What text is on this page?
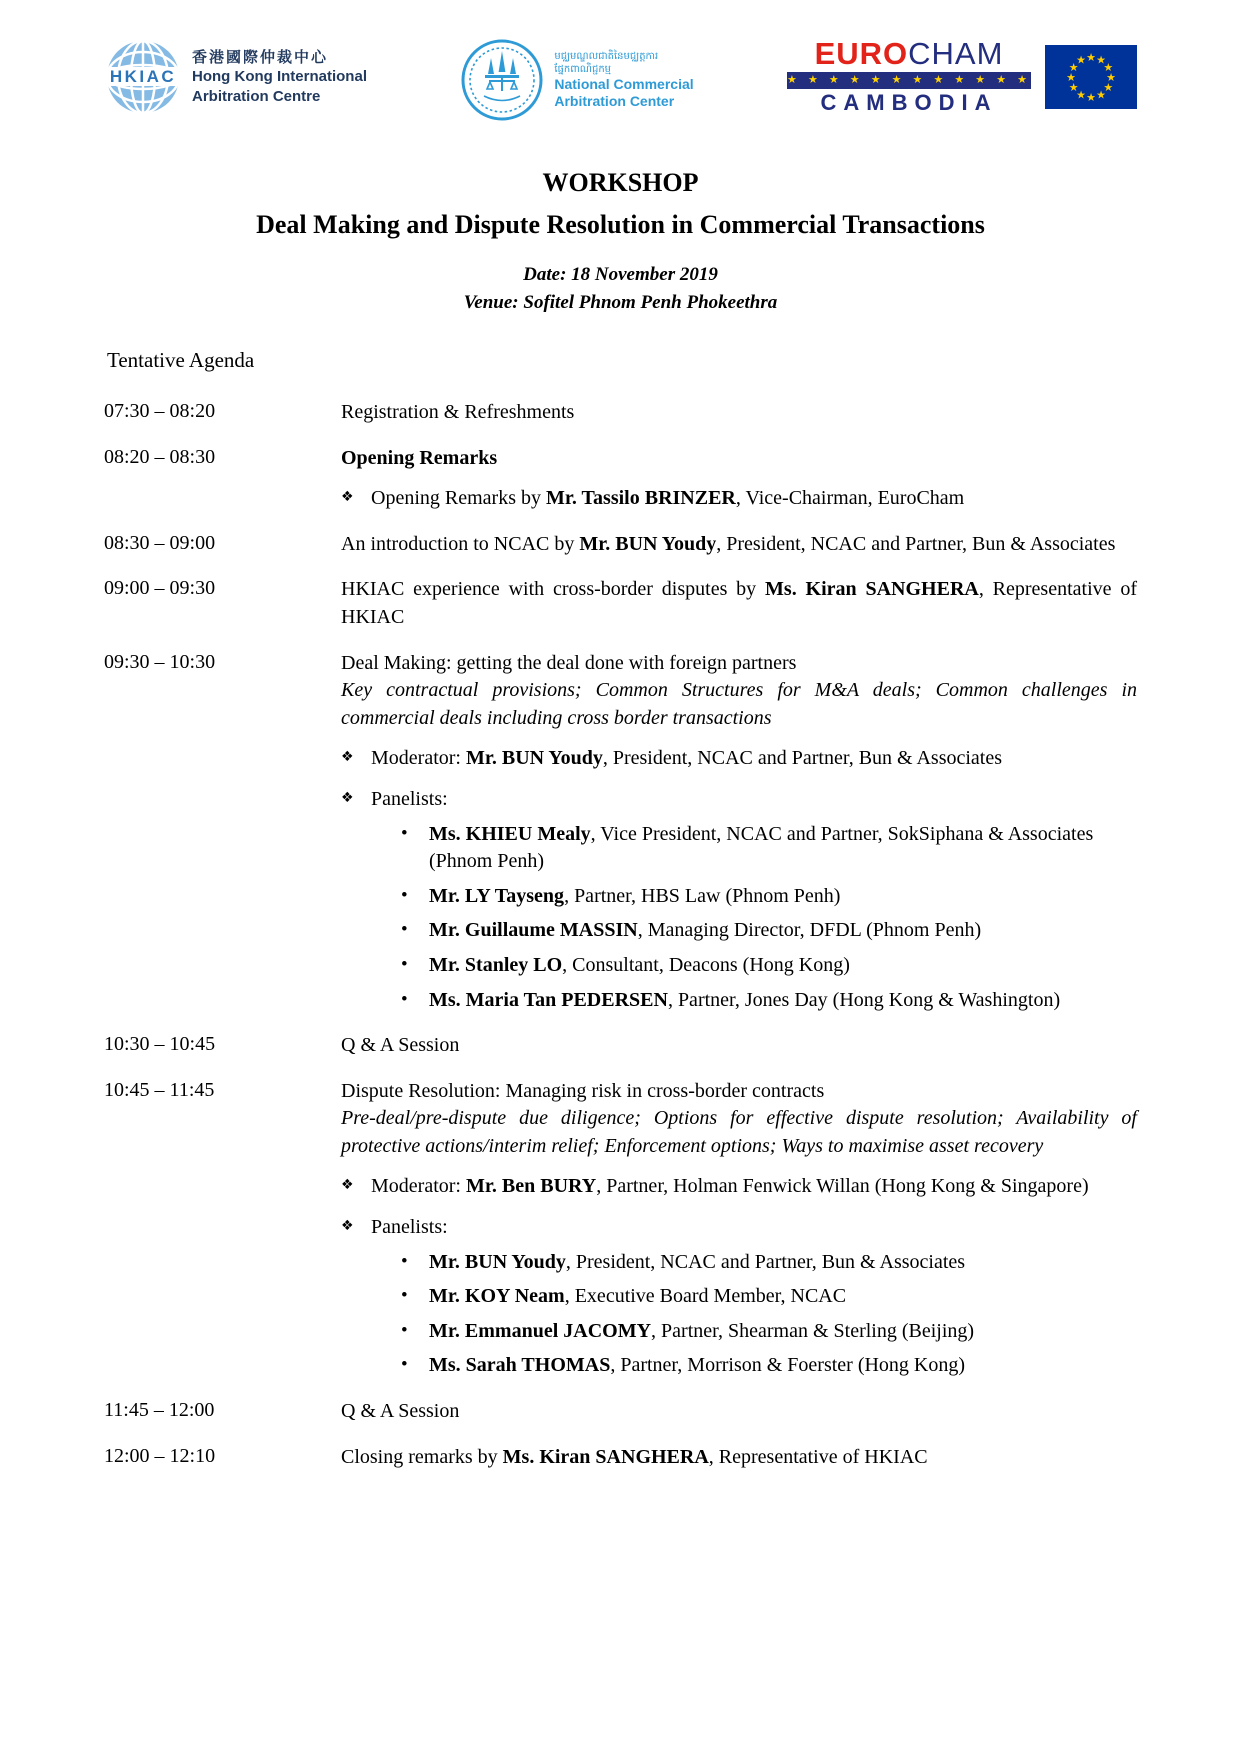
HKIAC
香港國際仲裁中心
Hong Kong International
Arbitration Centre
មជ្ឈមណ្ឌលជាតិនៃមជ្ឈត្តការ
ផ្នែកពាណិជ្ជកម្ម
National Commercial
Arbitration Center
EUROCHAM
★ ★ ★ ★ ★ ★ ★ ★ ★ ★ ★ ★
CAMBODIA
★ ★
★
★
★
★
★
★
★
★
★
★
WORKSHOP
Deal Making and Dispute Resolution in Commercial Transactions
Date: 18 November 2019
Venue: Sofitel Phnom Penh Phokeethra
Tentative Agenda
07:30 – 08:20	Registration & Refreshments
08:20 – 08:30	Opening Remarks
❖ Opening Remarks by Mr. Tassilo BRINZER, Vice-Chairman, EuroCham
08:30 – 09:00	An introduction to NCAC by Mr. BUN Youdy, President, NCAC and Partner, Bun & Associates
09:00 – 09:30	HKIAC experience with cross-border disputes by Ms. Kiran SANGHERA, Representative of HKIAC
09:30 – 10:30	Deal Making: getting the deal done with foreign partners
Key contractual provisions; Common Structures for M&A deals; Common challenges in commercial deals including cross border transactions
❖ Moderator: Mr. BUN Youdy, President, NCAC and Partner, Bun & Associates
❖ Panelists:
•	Ms. KHIEU Mealy, Vice President, NCAC and Partner, SokSiphana & Associates (Phnom Penh)
•	Mr. LY Tayseng, Partner, HBS Law (Phnom Penh)
•	Mr. Guillaume MASSIN, Managing Director, DFDL (Phnom Penh)
•	Mr. Stanley LO, Consultant, Deacons (Hong Kong)
•	Ms. Maria Tan PEDERSEN, Partner, Jones Day (Hong Kong & Washington)
10:30 – 10:45	Q & A Session
10:45 – 11:45	Dispute Resolution: Managing risk in cross-border contracts
Pre-deal/pre-dispute due diligence; Options for effective dispute resolution; Availability of protective actions/interim relief; Enforcement options; Ways to maximise asset recovery
❖ Moderator: Mr. Ben BURY, Partner, Holman Fenwick Willan (Hong Kong & Singapore)
❖ Panelists:
•	Mr. BUN Youdy, President, NCAC and Partner, Bun & Associates
•	Mr. KOY Neam, Executive Board Member, NCAC
•	Mr. Emmanuel JACOMY, Partner, Shearman & Sterling (Beijing)
•	Ms. Sarah THOMAS, Partner, Morrison & Foerster (Hong Kong)
11:45 – 12:00	Q & A Session
12:00 – 12:10	Closing remarks by Ms. Kiran SANGHERA, Representative of HKIAC
